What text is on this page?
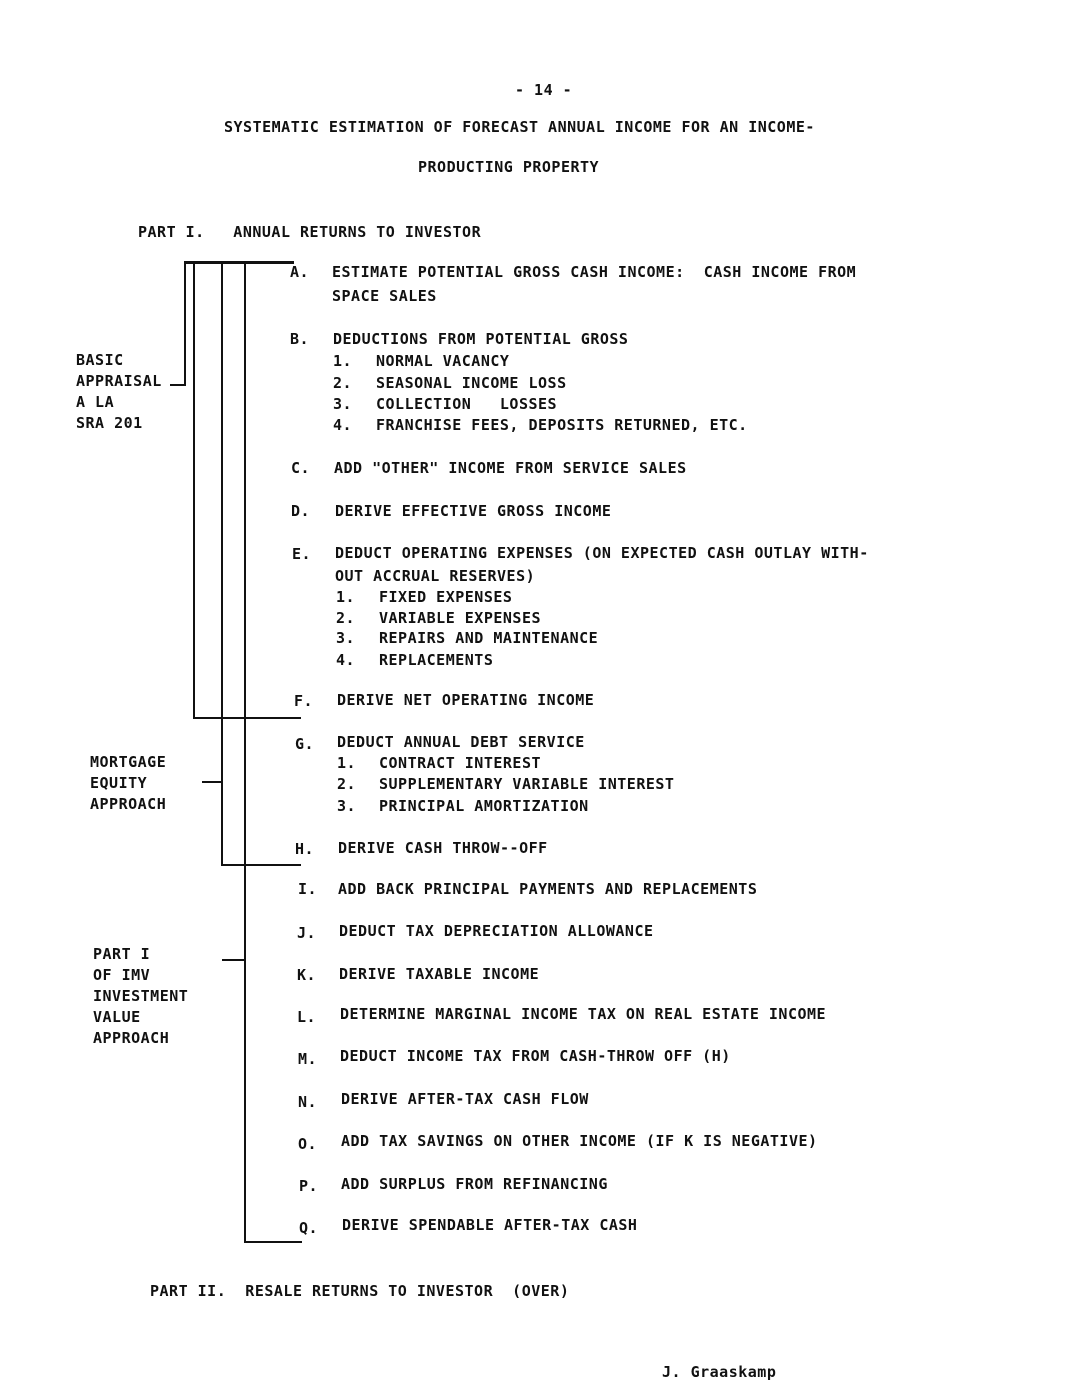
- 14 -
SYSTEMATIC ESTIMATION OF FORECAST ANNUAL INCOME FOR AN INCOME-
PRODUCTING PROPERTY
PART I.   ANNUAL RETURNS TO INVESTOR
BASIC
APPRAISAL
A LA
SRA 201
MORTGAGE
EQUITY
APPROACH
PART I
OF IMV
INVESTMENT
VALUE
APPROACH
A. ESTIMATE POTENTIAL GROSS CASH INCOME:  CASH INCOME FROM
SPACE SALES
B. DEDUCTIONS FROM POTENTIAL GROSS
1. NORMAL VACANCY
2. SEASONAL INCOME LOSS
3. COLLECTION   LOSSES
4. FRANCHISE FEES, DEPOSITS RETURNED, ETC.
C. ADD "OTHER" INCOME FROM SERVICE SALES
D. DERIVE EFFECTIVE GROSS INCOME
E. DEDUCT OPERATING EXPENSES (ON EXPECTED CASH OUTLAY WITH-
OUT ACCRUAL RESERVES)
1. FIXED EXPENSES
2. VARIABLE EXPENSES
3. REPAIRS AND MAINTENANCE
4. REPLACEMENTS
F. DERIVE NET OPERATING INCOME
G. DEDUCT ANNUAL DEBT SERVICE
1. CONTRACT INTEREST
2. SUPPLEMENTARY VARIABLE INTEREST
3. PRINCIPAL AMORTIZATION
H. DERIVE CASH THROW--OFF
I. ADD BACK PRINCIPAL PAYMENTS AND REPLACEMENTS
J. DEDUCT TAX DEPRECIATION ALLOWANCE
K. DERIVE TAXABLE INCOME
L. DETERMINE MARGINAL INCOME TAX ON REAL ESTATE INCOME
M. DEDUCT INCOME TAX FROM CASH-THROW OFF (H)
N. DERIVE AFTER-TAX CASH FLOW
O. ADD TAX SAVINGS ON OTHER INCOME (IF K IS NEGATIVE)
P. ADD SURPLUS FROM REFINANCING
Q. DERIVE SPENDABLE AFTER-TAX CASH
PART II.  RESALE RETURNS TO INVESTOR  (OVER)
J. Graaskamp
